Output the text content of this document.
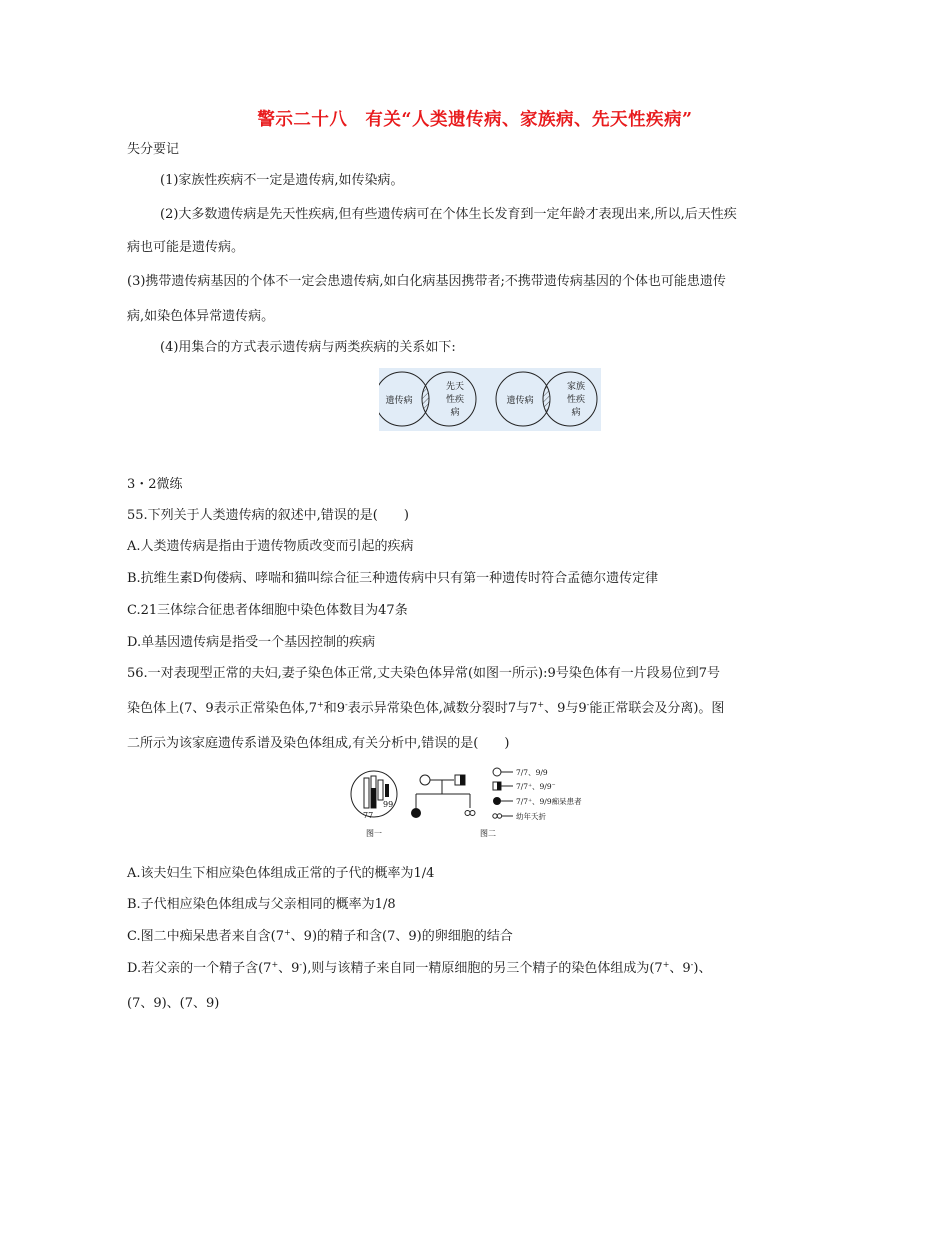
警示二十八　有关“人类遗传病、家族病、先天性疾病”
失分要记
(1)家族性疾病不一定是遗传病,如传染病。
(2)大多数遗传病是先天性疾病,但有些遗传病可在个体生长发育到一定年龄才表现出来,所以,后天性疾
病也可能是遗传病。
(3)携带遗传病基因的个体不一定会患遗传病,如白化病基因携带者;不携带遗传病基因的个体也可能患遗传
病,如染色体异常遗传病。
(4)用集合的方式表示遗传病与两类疾病的关系如下:
遗传病
先天
性疾
病
遗传病
家族
性疾
病
3・2微练
55.下列关于人类遗传病的叙述中,错误的是(　　)
A.人类遗传病是指由于遗传物质改变而引起的疾病
B.抗维生素D佝偻病、哮喘和猫叫综合征三种遗传病中只有第一种遗传时符合孟德尔遗传定律
C.21三体综合征患者体细胞中染色体数目为47条
D.单基因遗传病是指受一个基因控制的疾病
56.一对表现型正常的夫妇,妻子染色体正常,丈夫染色体异常(如图一所示):9号染色体有一片段易位到7号
染色体上(7、9表示正常染色体,7+和9-表示异常染色体,减数分裂时7与7+、9与9-能正常联会及分离)。图
二所示为该家庭遗传系谱及染色体组成,有关分析中,错误的是(　　)
99
77
图一	图二
7/7、9/9
7/7⁺、9/9⁻
7/7⁺、9/9痴呆患者
幼年夭折
A.该夫妇生下相应染色体组成正常的子代的概率为1/4
B.子代相应染色体组成与父亲相同的概率为1/8
C.图二中痴呆患者来自含(7+、9)的精子和含(7、9)的卵细胞的结合
D.若父亲的一个精子含(7+、9-),则与该精子来自同一精原细胞的另三个精子的染色体组成为(7+、9-)、
(7、9)、(7、9)
